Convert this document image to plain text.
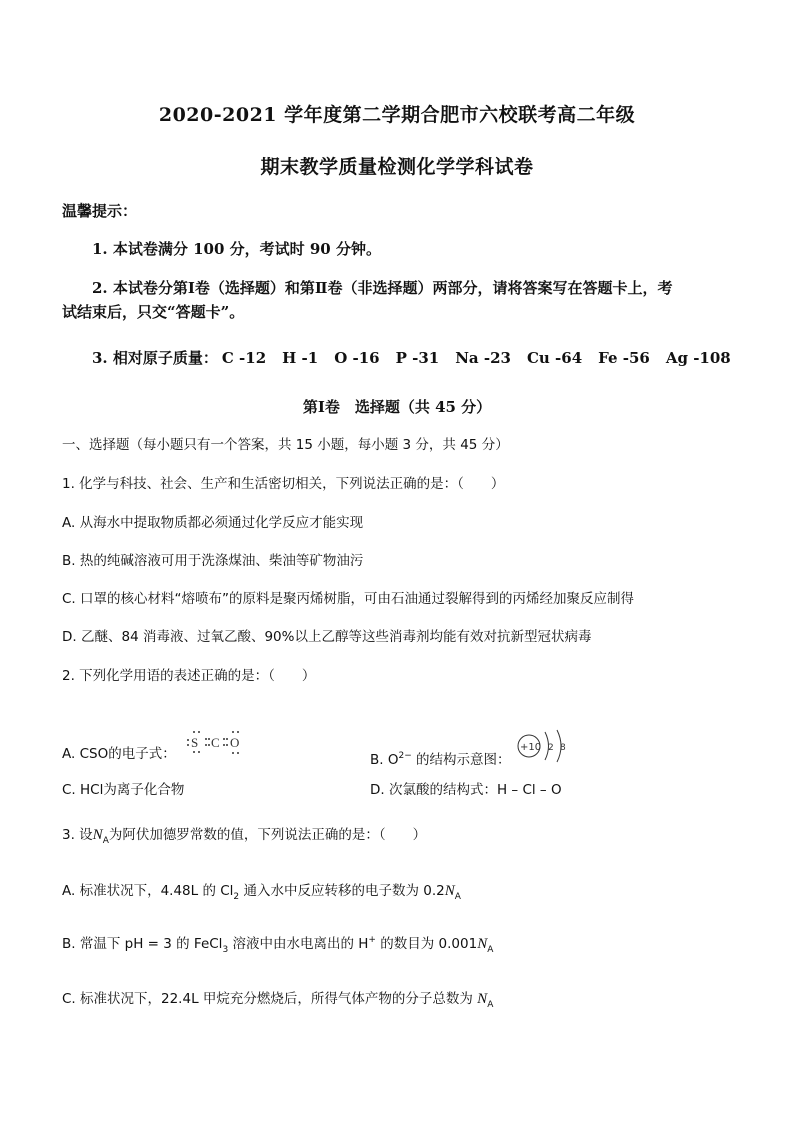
2020-2021 学年度第二学期合肥市六校联考高二年级
期末教学质量检测化学学科试卷
温馨提示：
1. 本试卷满分 100 分，考试时 90 分钟。
2. 本试卷分第Ⅰ卷（选择题）和第Ⅱ卷（非选择题）两部分，请将答案写在答题卡上，考
试结束后，只交“答题卡”。
3. 相对原子质量： C -12 H -1 O -16 P -31 Na -23 Cu -64 Fe -56 Ag -108
第Ⅰ卷　选择题（共 45 分）
一、选择题（每小题只有一个答案，共 15 小题，每小题 3 分，共 45 分）
1. 化学与科技、社会、生产和生活密切相关，下列说法正确的是：（　　）
A. 从海水中提取物质都必须通过化学反应才能实现
B. 热的纯碱溶液可用于洗涤煤油、柴油等矿物油污
C. 口罩的核心材料“熔喷布”的原料是聚丙烯树脂，可由石油通过裂解得到的丙烯经加聚反应制得
D. 乙醚、84 消毒液、过氧乙酸、90%以上乙醇等这些消毒剂均能有效对抗新型冠状病毒
2. 下列化学用语的表述正确的是：（　　）
A. CSO的电子式：
S C O
B. $O^{2-}$ 的结构示意图：
+10 2 8
C. HCl为离子化合物	D. 次氯酸的结构式：H – Cl – O
3. 设$N_A$为阿伏加德罗常数的值，下列说法正确的是：（　　）
A. 标准状况下，4.48L 的 $Cl_2$ 通入水中反应转移的电子数为 $0.2N_A$
B. 常温下 pH = 3 的 FeCl$_3$ 溶液中由水电离出的 H+ 的数目为 $0.001N_A$
C. 标准状况下，22.4L 甲烷充分燃烧后，所得气体产物的分子总数为 $N_A$
